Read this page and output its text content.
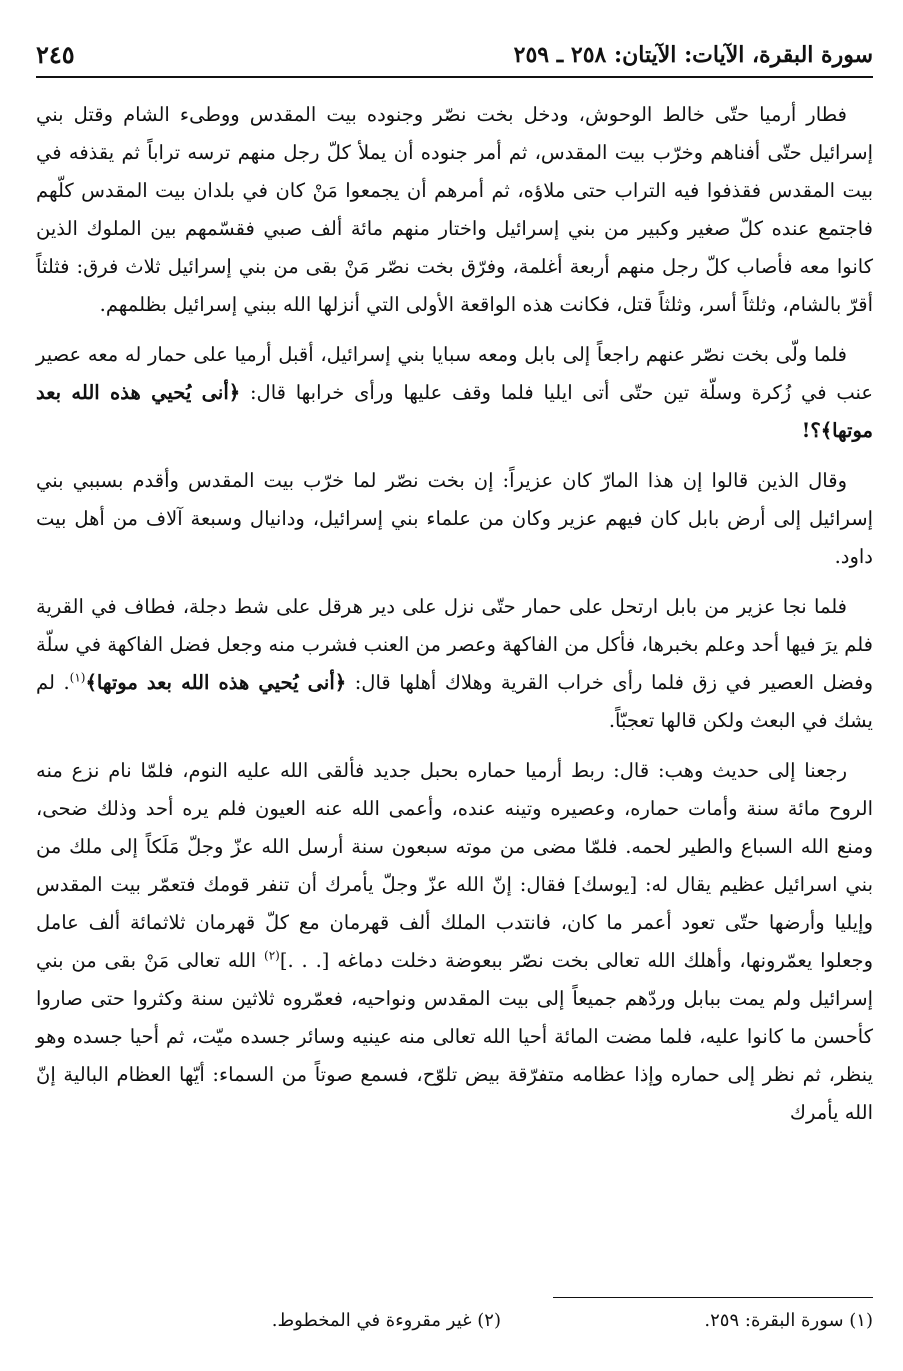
سورة البقرة، الآيات: الآيتان: ٢٥٨ ـ ٢٥٩
٢٤٥

فطار أرميا حتّى خالط الوحوش، ودخل بخت نصّر وجنوده بيت المقدس ووطىء الشام وقتل بني إسرائيل حتّى أفناهم وخرّب بيت المقدس، ثم أمر جنوده أن يملأ كلّ رجل منهم ترسه تراباً ثم يقذفه في بيت المقدس فقذفوا فيه التراب حتى ملاؤه، ثم أمرهم أن يجمعوا مَنْ كان في بلدان بيت المقدس كلّهم فاجتمع عنده كلّ صغير وكبير من بني إسرائيل واختار منهم مائة ألف صبي فقسّمهم بين الملوك الذين كانوا معه فأصاب كلّ رجل منهم أربعة أغلمة، وفرّق بخت نصّر مَنْ بقى من بني إسرائيل ثلاث فرق: فثلثاً أقرّ بالشام، وثلثاً أسر، وثلثاً قتل، فكانت هذه الواقعة الأولى التي أنزلها الله ببني إسرائيل بظلمهم.

فلما ولّى بخت نصّر عنهم راجعاً إلى بابل ومعه سبايا بني إسرائيل، أقبل أرميا على حمار له معه عصير عنب في زُكرة وسلّة تين حتّى أتى ايليا فلما وقف عليها ورأى خرابها قال: ﴿أنى يُحيي هذه الله بعد موتها﴾؟!

وقال الذين قالوا إن هذا المارّ كان عزيراً: إن بخت نصّر لما خرّب بيت المقدس وأقدم بسببي بني إسرائيل إلى أرض بابل كان فيهم عزير وكان من علماء بني إسرائيل، ودانيال وسبعة آلاف من أهل بيت داود.

فلما نجا عزير من بابل ارتحل على حمار حتّى نزل على دير هرقل على شط دجلة، فطاف في القرية فلم يرَ فيها أحد وعلم بخبرها، فأكل من الفاكهة وعصر من العنب فشرب منه وجعل فضل الفاكهة في سلّة وفضل العصير في زق فلما رأى خراب القرية وهلاك أهلها قال: ﴿أنى يُحيي هذه الله بعد موتها﴾$^{(١)}$. لم يشك في البعث ولكن قالها تعجبّاً.

رجعنا إلى حديث وهب: قال: ربط أرميا حماره بحبل جديد فألقى الله عليه النوم، فلمّا نام نزع منه الروح مائة سنة وأمات حماره، وعصيره وتينه عنده، وأعمى الله عنه العيون فلم يره أحد وذلك ضحى، ومنع الله السباع والطير لحمه. فلمّا مضى من موته سبعون سنة أرسل الله عزّ وجلّ مَلَكاً إلى ملك من بني اسرائيل عظيم يقال له: [يوسك] فقال: إنّ الله عزّ وجلّ يأمرك أن تنفر قومك فتعمّر بيت المقدس وإيليا وأرضها حتّى تعود أعمر ما كان، فانتدب الملك ألف قهرمان مع كلّ قهرمان ثلاثمائة ألف عامل وجعلوا يعمّرونها، وأهلك الله تعالى بخت نصّر ببعوضة دخلت دماغه [. . .]$^{(٢)}$ الله تعالى مَنْ بقى من بني إسرائيل ولم يمت ببابل وردّهم جميعاً إلى بيت المقدس ونواحيه، فعمّروه ثلاثين سنة وكثروا حتى صاروا كأحسن ما كانوا عليه، فلما مضت المائة أحيا الله تعالى منه عينيه وسائر جسده ميّت، ثم أحيا جسده وهو ينظر، ثم نظر إلى حماره وإذا عظامه متفرّقة بيض تلوّح، فسمع صوتاً من السماء: أيّها العظام البالية إنّ الله يأمرك

(١) سورة البقرة: ٢٥٩.
(٢) غير مقروءة في المخطوط.
